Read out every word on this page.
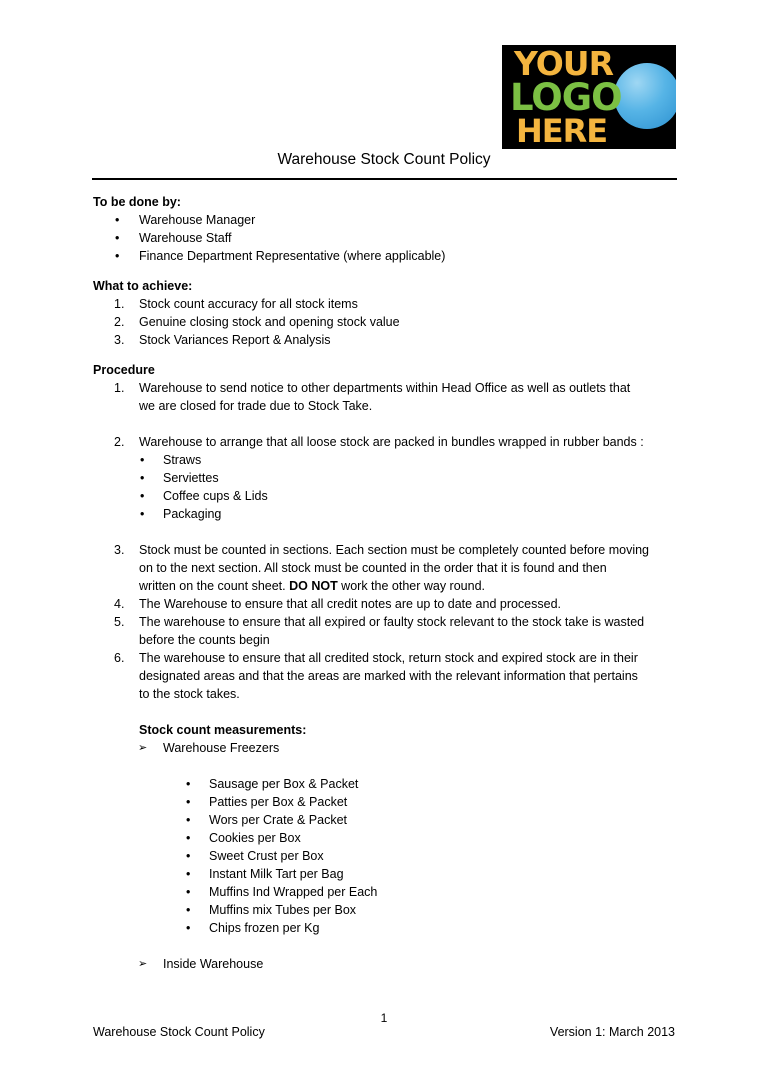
YOUR
LOGO
HERE
Warehouse Stock Count Policy
To be done by:
• Warehouse Manager
• Warehouse Staff
• Finance Department Representative (where applicable)
What to achieve:
1. Stock count accuracy for all stock items
2. Genuine closing stock and opening stock value
3. Stock Variances Report & Analysis
Procedure
1. Warehouse to send notice to other departments within Head Office as well as outlets that
we are closed for trade due to Stock Take.
2. Warehouse to arrange that all loose stock are packed in bundles wrapped in rubber bands :
• Straws
• Serviettes
• Coffee cups & Lids
• Packaging
3. Stock must be counted in sections. Each section must be completely counted before moving
on to the next section. All stock must be counted in the order that it is found and then
written on the count sheet. DO NOT work the other way round.
4. The Warehouse to ensure that all credit notes are up to date and processed.
5. The warehouse to ensure that all expired or faulty stock relevant to the stock take is wasted
before the counts begin
6. The warehouse to ensure that all credited stock, return stock and expired stock are in their
designated areas and that the areas are marked with the relevant information that pertains
to the stock takes.
Stock count measurements:
➢ Warehouse Freezers
• Sausage per Box & Packet
• Patties per Box & Packet
• Wors per Crate & Packet
• Cookies per Box
• Sweet Crust per Box
• Instant Milk Tart per Bag
• Muffins Ind Wrapped per Each
• Muffins mix Tubes per Box
• Chips frozen per Kg
➢ Inside Warehouse
1
Warehouse Stock Count Policy	Version 1: March 2013
